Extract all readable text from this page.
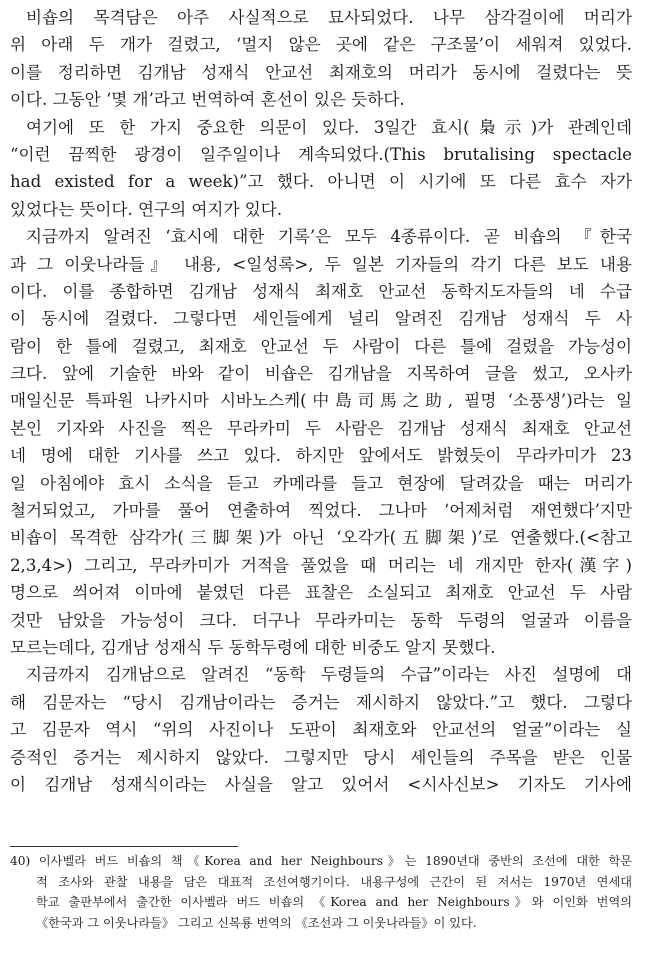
비숍의 목격담은 아주 사실적으로 묘사되었다. 나무 삼각걸이에 머리가
위 아래 두 개가 걸렸고, ‘멀지 않은 곳에 같은 구조물’이 세워져 있었다.
이를 정리하면 김개남 성재식 안교선 최재호의 머리가 동시에 걸렸다는 뜻
이다. 그동안 ‘몇 개’라고 번역하여 혼선이 있은 듯하다.
여기에 또 한 가지 중요한 의문이 있다. 3일간 효시(梟示)가 관례인데
“이런 끔찍한 광경이 일주일이나 계속되었다.(This brutalising spectacle
had existed for a week)”고 했다. 아니면 이 시기에 또 다른 효수 자가
있었다는 뜻이다. 연구의 여지가 있다.
지금까지 알려진 ‘효시에 대한 기록’은 모두 4종류이다. 곧 비숍의 『한국
과 그 이웃나라들』 내용, <일성록>, 두 일본 기자들의 각기 다른 보도 내용
이다. 이를 종합하면 김개남 성재식 최재호 안교선 동학지도자들의 네 수급
이 동시에 걸렸다. 그렇다면 세인들에게 널리 알려진 김개남 성재식 두 사
람이 한 틀에 걸렸고, 최재호 안교선 두 사람이 다른 틀에 걸렸을 가능성이
크다. 앞에 기술한 바와 같이 비숍은 김개남을 지목하여 글을 썼고, 오사카
매일신문 특파원 나카시마 시바노스케(中島司馬之助, 필명 ‘소풍생’)라는 일
본인 기자와 사진을 찍은 무라카미 두 사람은 김개남 성재식 최재호 안교선
네 명에 대한 기사를 쓰고 있다. 하지만 앞에서도 밝혔듯이 무라카미가 23
일 아침에야 효시 소식을 듣고 카메라를 들고 현장에 달려갔을 때는 머리가
철거되었고, 가마를 풀어 연출하여 찍었다. 그나마 ‘어제처럼 재연했다’지만
비숍이 목격한 삼각가(三脚架)가 아닌 ‘오각가(五脚架)’로 연출했다.(<참고
2,3,4>) 그리고, 무라카미가 거적을 풀었을 때 머리는 네 개지만 한자(漢字)
명으로 씌어져 이마에 붙였던 다른 표찰은 소실되고 최재호 안교선 두 사람
것만 남았을 가능성이 크다. 더구나 무라카미는 동학 두령의 얼굴과 이름을
모르는데다, 김개남 성재식 두 동학두령에 대한 비중도 알지 못했다.
지금까지 김개남으로 알려진 “동학 두령들의 수급”이라는 사진 설명에 대
해 김문자는 “당시 김개남이라는 증거는 제시하지 않았다.”고 했다. 그렇다
고 김문자 역시 “위의 사진이나 도판이 최재호와 안교선의 얼굴”이라는 실
증적인 증거는 제시하지 않았다. 그렇지만 당시 세인들의 주목을 받은 인물
이 김개남 성재식이라는 사실을 알고 있어서 <시사신보> 기자도 기사에
40) 이사벨라 버드 비숍의 책《Korea and her Neighbours》는 1890년대 중반의 조선에 대한 학문
적 조사와 관찰 내용을 담은 대표적 조선여행기이다. 내용구성에 근간이 된 저서는 1970년 연세대
학교 출판부에서 출간한 이사벨라 버드 비숍의 《Korea and her Neighbours》와 이인화 번역의
《한국과 그 이웃나라들》 그리고 신복룡 번역의 《조선과 그 이웃나라들》이 있다.
